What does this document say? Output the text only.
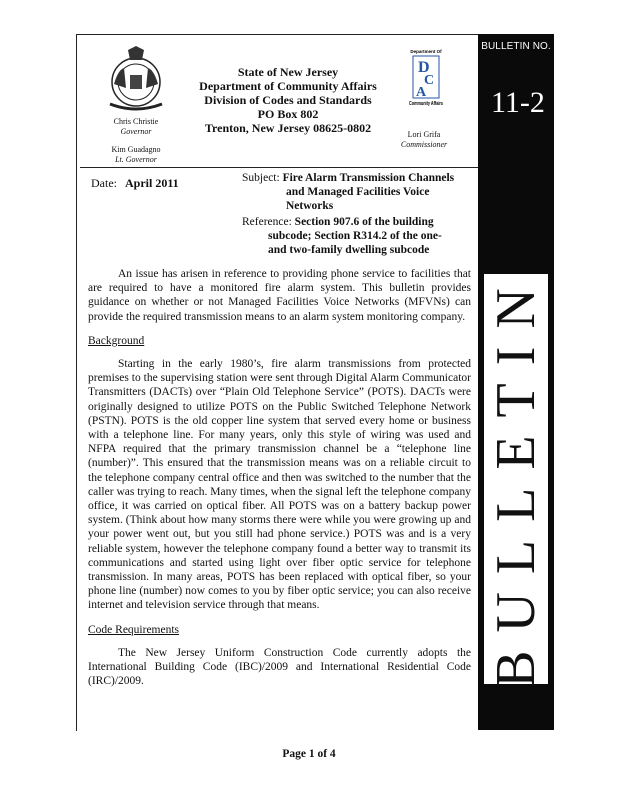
Chris Christie
Governor
Kim Guadagno
Lt. Governor
State of New Jersey
Department of Community Affairs
Division of Codes and Standards
PO Box 802
Trenton, New Jersey 08625-0802
Department Of
D
C
A
Community Affairs
Lori Grifa
Commissioner
Date: April 2011	Subject: Fire Alarm Transmission Channels
and Managed Facilities Voice Networks
Reference: Section 907.6 of the building
subcode; Section R314.2 of the one-
and two-family dwelling subcode

An issue has arisen in reference to providing phone service to facilities that are required to have a monitored fire alarm system. This bulletin provides guidance on whether or not Managed Facilities Voice Networks (MFVNs) can provide the required transmission means to an alarm system monitoring company.

Background

Starting in the early 1980’s, fire alarm transmissions from protected premises to the supervising station were sent through Digital Alarm Communicator Transmitters (DACTs) over “Plain Old Telephone Service” (POTS). DACTs were originally designed to utilize POTS on the Public Switched Telephone Network (PSTN). POTS is the old copper line system that served every home or business with a telephone line. For many years, only this style of wiring was used and NFPA required that the primary transmission channel be a “telephone line (number)”. This ensured that the transmission means was on a reliable circuit to the telephone company central office and then was switched to the number that the caller was trying to reach. Many times, when the signal left the telephone company office, it was carried on optical fiber. All POTS was on a battery backup power system. (Think about how many storms there were while you were growing up and your power went out, but you still had phone service.) POTS was and is a very reliable system, however the telephone company found a better way to transmit its communications and started using light over fiber optic service for telephone transmission. In many areas, POTS has been replaced with optical fiber, so your phone line (number) now comes to you by fiber optic service; you can also receive internet and television service through that means.

Code Requirements

The New Jersey Uniform Construction Code currently adopts the International Building Code (IBC)/2009 and International Residential Code (IRC)/2009.

BULLETIN NO.
11-2
BULLETIN
Page 1 of 4
